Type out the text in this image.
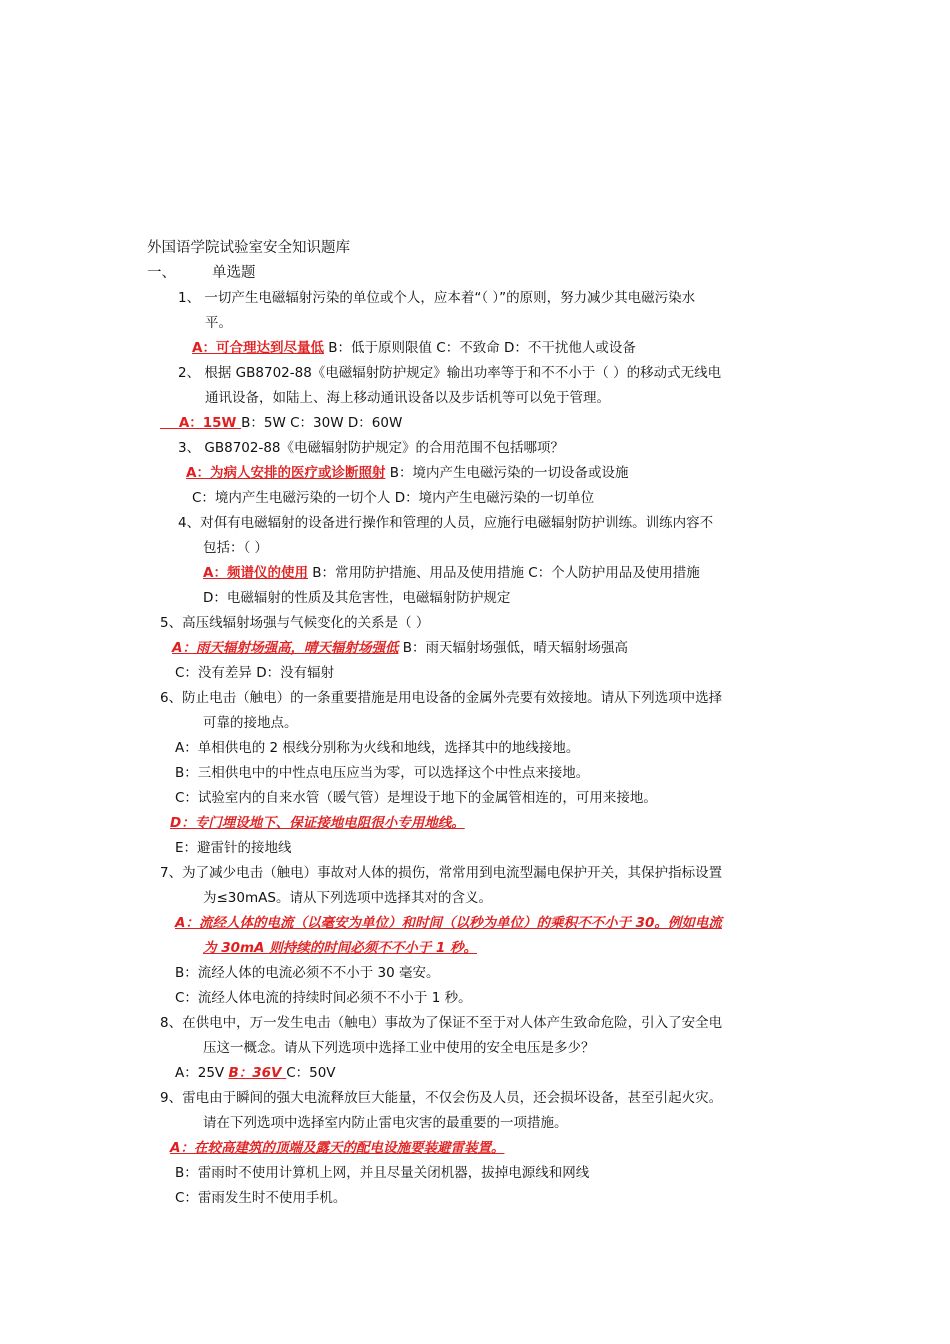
外国语学院试验室安全知识题库
一、 单选题
1、 一切产生电磁辐射污染的单位或个人，应本着“（ ）”的原则，努力减少其电磁污染水
平。
A：可合理达到尽量低 B：低于原则限值 C：不致命 D：不干扰他人或设备
2、 根据 GB8702-88《电磁辐射防护规定》输出功率等于和不不小于（ ）的移动式无线电
通讯设备，如陆上、海上移动通讯设备以及步话机等可以免于管理。
A：15W B：5W C：30W D：60W
3、 GB8702-88《电磁辐射防护规定》的合用范围不包括哪项？
A：为病人安排的医疗或诊断照射 B：境内产生电磁污染的一切设备或设施
C：境内产生电磁污染的一切个人 D：境内产生电磁污染的一切单位
4、对佴有电磁辐射的设备进行操作和管理的人员，应施行电磁辐射防护训练。训练内容不
包括：（ ）
A：频谱仪的使用 B：常用防护措施、用品及使用措施 C：个人防护用品及使用措施
D：电磁辐射的性质及其危害性，电磁辐射防护规定
5、高压线辐射场强与气候变化的关系是（ ）
A：雨天辐射场强高，晴天辐射场强低 B：雨天辐射场强低，晴天辐射场强高
C：没有差异 D：没有辐射
6、防止电击（触电）的一条重要措施是用电设备的金属外壳要有效接地。请从下列选项中选择
可靠的接地点。
A：单相供电的 2 根线分别称为火线和地线，选择其中的地线接地。
B：三相供电中的中性点电压应当为零，可以选择这个中性点来接地。
C：试验室内的自来水管（暖气管）是埋设于地下的金属管相连的，可用来接地。
D：专门埋设地下、保证接地电阻很小专用地线。
E：避雷针的接地线
7、为了减少电击（触电）事故对人体的损伤，常常用到电流型漏电保护开关，其保护指标设置
为≤30mAS。请从下列选项中选择其对的含义。
A：流经人体的电流（以毫安为单位）和时间（以秒为单位）的乘积不不小于 30。例如电流
为 30mA 则持续的时间必须不不小于 1 秒。
B：流经人体的电流必须不不小于 30 毫安。
C：流经人体电流的持续时间必须不不小于 1 秒。
8、在供电中，万一发生电击（触电）事故为了保证不至于对人体产生致命危险，引入了安全电
压这一概念。请从下列选项中选择工业中使用的安全电压是多少？
A：25V B：36V C：50V
9、雷电由于瞬间的强大电流释放巨大能量，不仅会伤及人员，还会损坏设备，甚至引起火灾。
请在下列选项中选择室内防止雷电灾害的最重要的一项措施。
A：在较高建筑的顶端及露天的配电设施要装避雷装置。
B：雷雨时不使用计算机上网，并且尽量关闭机器，拔掉电源线和网线
C：雷雨发生时不使用手机。
